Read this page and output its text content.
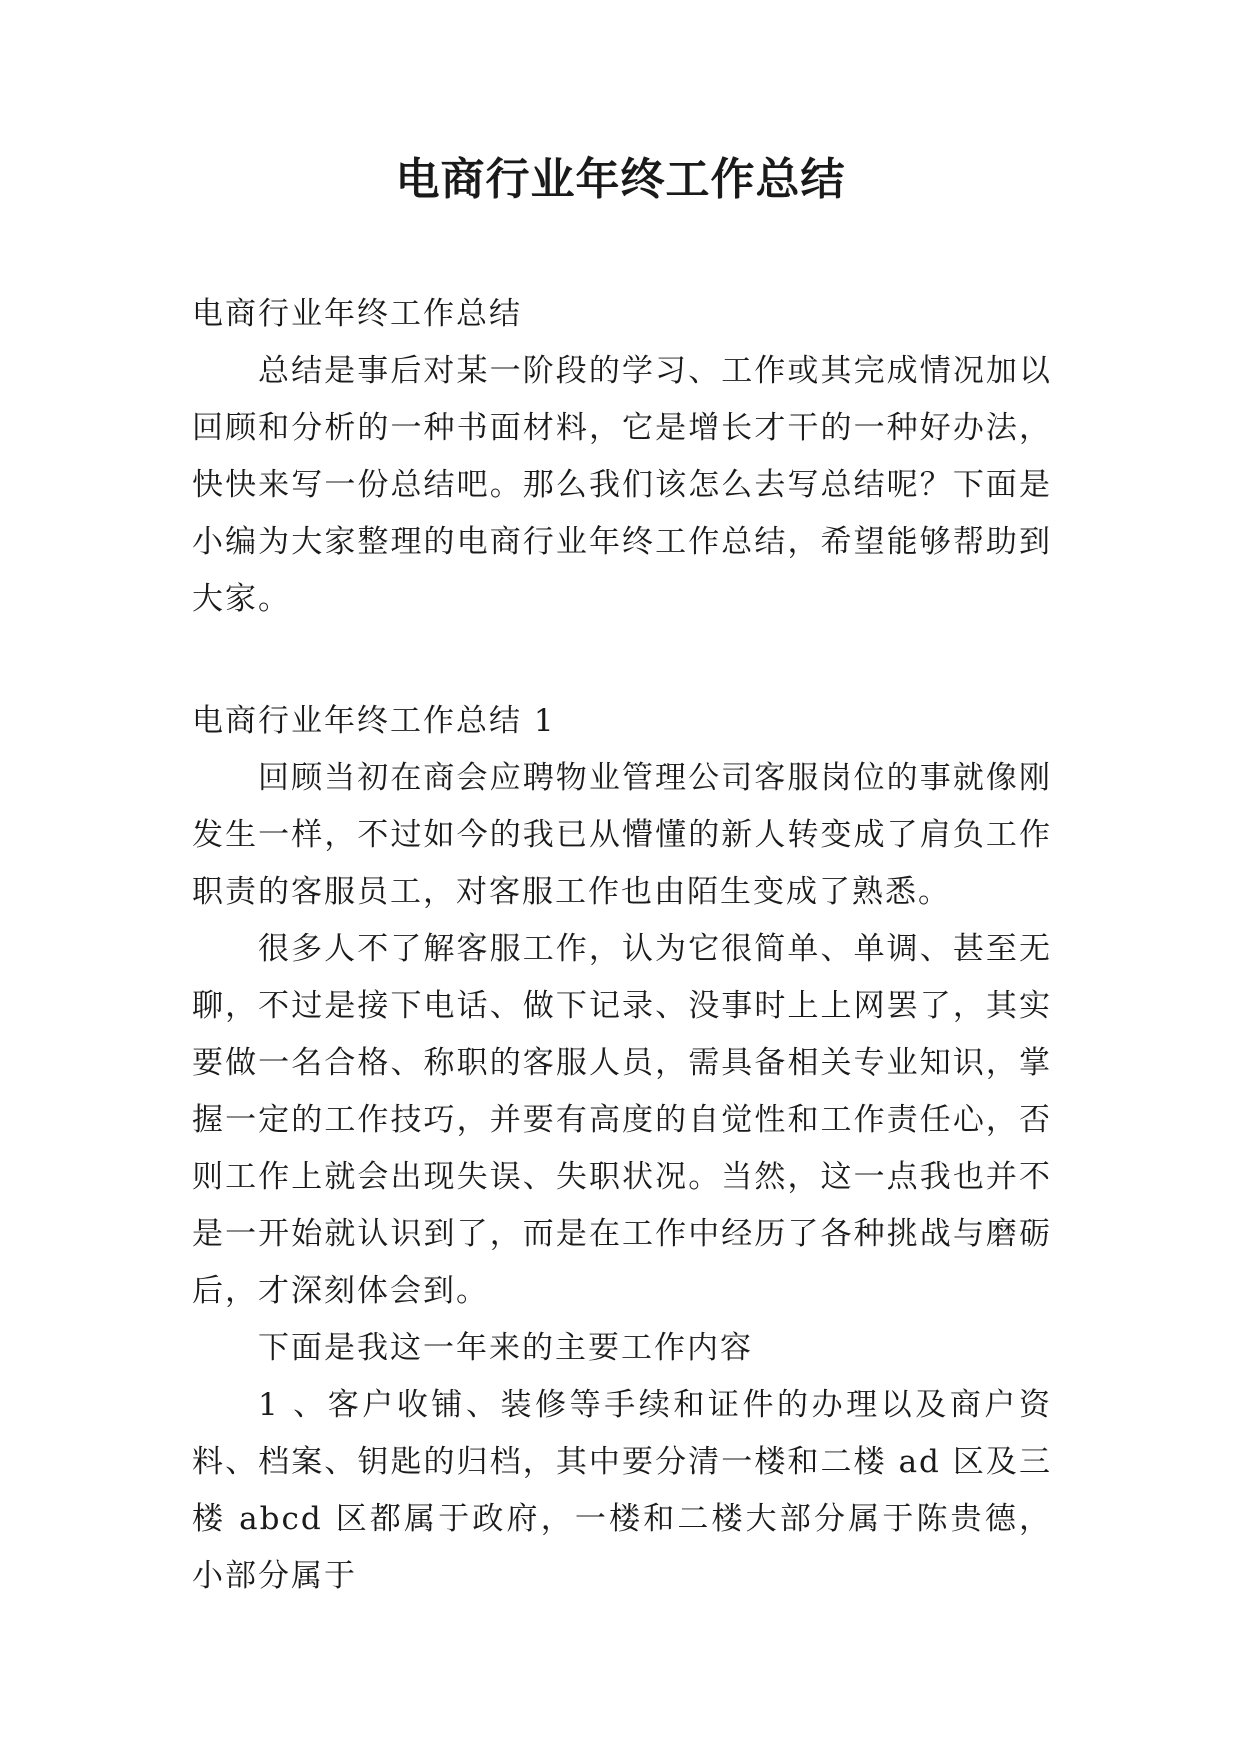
电商行业年终工作总结

电商行业年终工作总结

总结是事后对某一阶段的学习、工作或其完成情况加以回顾和分析的一种书面材料，它是增长才干的一种好办法，快快来写一份总结吧。那么我们该怎么去写总结呢？下面是小编为大家整理的电商行业年终工作总结，希望能够帮助到大家。

电商行业年终工作总结 1

回顾当初在商会应聘物业管理公司客服岗位的事就像刚发生一样，不过如今的我已从懵懂的新人转变成了肩负工作职责的客服员工，对客服工作也由陌生变成了熟悉。

很多人不了解客服工作，认为它很简单、单调、甚至无聊，不过是接下电话、做下记录、没事时上上网罢了，其实要做一名合格、称职的客服人员，需具备相关专业知识，掌握一定的工作技巧，并要有高度的自觉性和工作责任心，否则工作上就会出现失误、失职状况。当然，这一点我也并不是一开始就认识到了，而是在工作中经历了各种挑战与磨砺后，才深刻体会到。

下面是我这一年来的主要工作内容

1 、客户收铺、装修等手续和证件的办理以及商户资料、档案、钥匙的归档，其中要分清一楼和二楼 ad 区及三楼 abcd 区都属于政府，一楼和二楼大部分属于陈贵德，小部分属于
